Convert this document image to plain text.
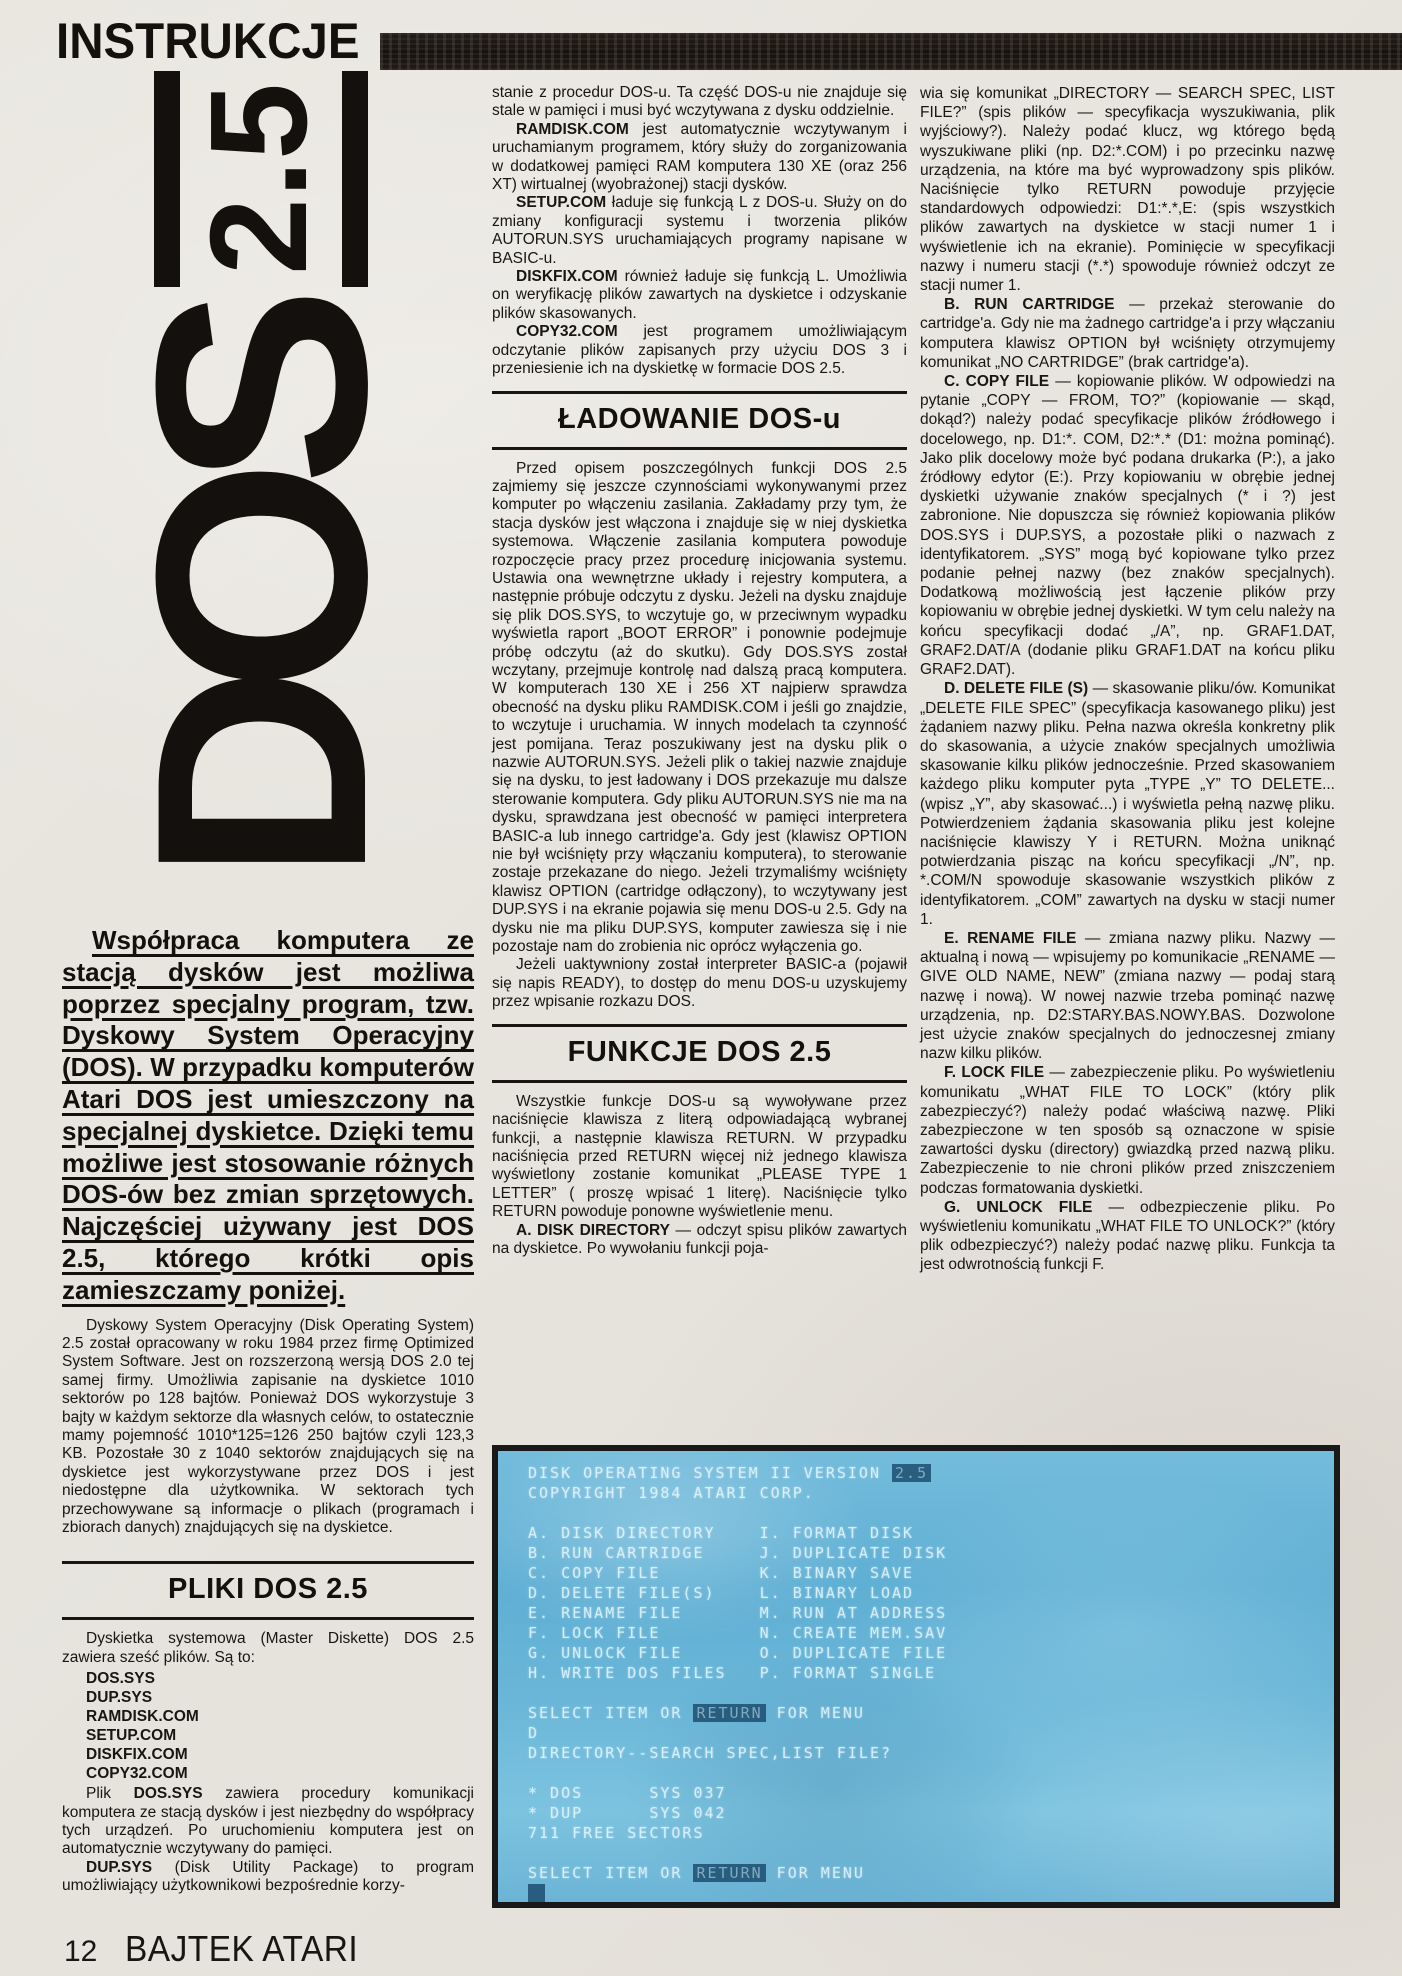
INSTRUKCJE
DOS
2.5

Współpraca komputera ze stacją dysków jest możliwa poprzez specjalny program, tzw. Dyskowy System Operacyjny (DOS). W przypadku komputerów Atari DOS jest umieszczony na specjalnej dyskietce. Dzięki temu możliwe jest stosowanie różnych DOS-ów bez zmian sprzętowych. Najczęściej używany jest DOS 2.5, którego krótki opis zamieszczamy poniżej.

Dyskowy System Operacyjny (Disk Operating System) 2.5 został opracowany w roku 1984 przez firmę Optimized System Software. Jest on rozszerzoną wersją DOS 2.0 tej samej firmy. Umożliwia zapisanie na dyskietce 1010 sektorów po 128 bajtów. Ponieważ DOS wykorzystuje 3 bajty w każdym sektorze dla własnych celów, to ostatecznie mamy pojemność 1010*125=126 250 bajtów czyli 123,3 KB. Pozostałe 30 z 1040 sektorów znajdujących się na dyskietce jest wykorzystywane przez DOS i jest niedostępne dla użytkownika. W sektorach tych przechowywane są informacje o plikach (programach i zbiorach danych) znajdujących się na dyskietce.

PLIKI DOS 2.5

Dyskietka systemowa (Master Diskette) DOS 2.5 zawiera sześć plików. Są to:

DOS.SYS
DUP.SYS
RAMDISK.COM
SETUP.COM
DISKFIX.COM
COPY32.COM

Plik DOS.SYS zawiera procedury komunikacji komputera ze stacją dysków i jest niezbędny do współpracy tych urządzeń. Po uruchomieniu komputera jest on automatycznie wczytywany do pamięci.

DUP.SYS (Disk Utility Package) to program umożliwiający użytkownikowi bezpośrednie korzy-

stanie z procedur DOS-u. Ta część DOS-u nie znajduje się stale w pamięci i musi być wczytywana z dysku oddzielnie.

RAMDISK.COM jest automatycznie wczytywanym i uruchamianym programem, który służy do zorganizowania w dodatkowej pamięci RAM komputera 130 XE (oraz 256 XT) wirtualnej (wyobrażonej) stacji dysków.

SETUP.COM ładuje się funkcją L z DOS-u. Służy on do zmiany konfiguracji systemu i tworzenia plików AUTORUN.SYS uruchamiających programy napisane w BASIC-u.

DISKFIX.COM również ładuje się funkcją L. Umożliwia on weryfikację plików zawartych na dyskietce i odzyskanie plików skasowanych.

COPY32.COM jest programem umożliwiającym odczytanie plików zapisanych przy użyciu DOS 3 i przeniesienie ich na dyskietkę w formacie DOS 2.5.

ŁADOWANIE DOS-u

Przed opisem poszczególnych funkcji DOS 2.5 zajmiemy się jeszcze czynnościami wykonywanymi przez komputer po włączeniu zasilania. Zakładamy przy tym, że stacja dysków jest włączona i znajduje się w niej dyskietka systemowa. Włączenie zasilania komputera powoduje rozpoczęcie pracy przez procedurę inicjowania systemu. Ustawia ona wewnętrzne układy i rejestry komputera, a następnie próbuje odczytu z dysku. Jeżeli na dysku znajduje się plik DOS.SYS, to wczytuje go, w przeciwnym wypadku wyświetla raport „BOOT ERROR” i ponownie podejmuje próbę odczytu (aż do skutku). Gdy DOS.SYS został wczytany, przejmuje kontrolę nad dalszą pracą komputera. W komputerach 130 XE i 256 XT najpierw sprawdza obecność na dysku pliku RAMDISK.COM i jeśli go znajdzie, to wczytuje i uruchamia. W innych modelach ta czynność jest pomijana. Teraz poszukiwany jest na dysku plik o nazwie AUTORUN.SYS. Jeżeli plik o takiej nazwie znajduje się na dysku, to jest ładowany i DOS przekazuje mu dalsze sterowanie komputera. Gdy pliku AUTORUN.SYS nie ma na dysku, sprawdzana jest obecność w pamięci interpretera BASIC-a lub innego cartridge'a. Gdy jest (klawisz OPTION nie był wciśnięty przy włączaniu komputera), to sterowanie zostaje przekazane do niego. Jeżeli trzymaliśmy wciśnięty klawisz OPTION (cartridge odłączony), to wczytywany jest DUP.SYS i na ekranie pojawia się menu DOS-u 2.5. Gdy na dysku nie ma pliku DUP.SYS, komputer zawiesza się i nie pozostaje nam do zrobienia nic oprócz wyłączenia go.

Jeżeli uaktywniony został interpreter BASIC-a (pojawił się napis READY), to dostęp do menu DOS-u uzyskujemy przez wpisanie rozkazu DOS.

FUNKCJE DOS 2.5

Wszystkie funkcje DOS-u są wywoływane przez naciśnięcie klawisza z literą odpowiadającą wybranej funkcji, a następnie klawisza RETURN. W przypadku naciśnięcia przed RETURN więcej niż jednego klawisza wyświetlony zostanie komunikat „PLEASE TYPE 1 LETTER” ( proszę wpisać 1 literę). Naciśnięcie tylko RETURN powoduje ponowne wyświetlenie menu.

A. DISK DIRECTORY — odczyt spisu plików zawartych na dyskietce. Po wywołaniu funkcji poja-

wia się komunikat „DIRECTORY — SEARCH SPEC, LIST FILE?” (spis plików — specyfikacja wyszukiwania, plik wyjściowy?). Należy podać klucz, wg którego będą wyszukiwane pliki (np. D2:*.COM) i po przecinku nazwę urządzenia, na które ma być wyprowadzony spis plików. Naciśnięcie tylko RETURN powoduje przyjęcie standardowych odpowiedzi: D1:*.*,E: (spis wszystkich plików zawartych na dyskietce w stacji numer 1 i wyświetlenie ich na ekranie). Pominięcie w specyfikacji nazwy i numeru stacji (*.*) spowoduje również odczyt ze stacji numer 1.

B. RUN CARTRIDGE — przekaż sterowanie do cartridge'a. Gdy nie ma żadnego cartridge'a i przy włączaniu komputera klawisz OPTION był wciśnięty otrzymujemy komunikat „NO CARTRIDGE” (brak cartridge'a).

C. COPY FILE — kopiowanie plików. W odpowiedzi na pytanie „COPY — FROM, TO?” (kopiowanie — skąd, dokąd?) należy podać specyfikacje plików źródłowego i docelowego, np. D1:*. COM, D2:*.* (D1: można pominąć). Jako plik docelowy może być podana drukarka (P:), a jako źródłowy edytor (E:). Przy kopiowaniu w obrębie jednej dyskietki używanie znaków specjalnych (* i ?) jest zabronione. Nie dopuszcza się również kopiowania plików DOS.SYS i DUP.SYS, a pozostałe pliki o nazwach z identyfikatorem. „SYS” mogą być kopiowane tylko przez podanie pełnej nazwy (bez znaków specjalnych). Dodatkową możliwością jest łączenie plików przy kopiowaniu w obrębie jednej dyskietki. W tym celu należy na końcu specyfikacji dodać „/A”, np. GRAF1.DAT, GRAF2.DAT/A (dodanie pliku GRAF1.DAT na końcu pliku GRAF2.DAT).

D. DELETE FILE (S) — skasowanie pliku/ów. Komunikat „DELETE FILE SPEC” (specyfikacja kasowanego pliku) jest żądaniem nazwy pliku. Pełna nazwa określa konkretny plik do skasowania, a użycie znaków specjalnych umożliwia skasowanie kilku plików jednocześnie. Przed skasowaniem każdego pliku komputer pyta „TYPE „Y” TO DELETE... (wpisz „Y”, aby skasować...) i wyświetla pełną nazwę pliku. Potwierdzeniem żądania skasowania pliku jest kolejne naciśnięcie klawiszy Y i RETURN. Można uniknąć potwierdzania pisząc na końcu specyfikacji „/N”, np. *.COM/N spowoduje skasowanie wszystkich plików z identyfikatorem. „COM” zawartych na dysku w stacji numer 1.

E. RENAME FILE — zmiana nazwy pliku. Nazwy — aktualną i nową — wpisujemy po komunikacie „RENAME — GIVE OLD NAME, NEW” (zmiana nazwy — podaj starą nazwę i nową). W nowej nazwie trzeba pominąć nazwę urządzenia, np. D2:STARY.BAS.NOWY.BAS. Dozwolone jest użycie znaków specjalnych do jednoczesnej zmiany nazw kilku plików.

F. LOCK FILE — zabezpieczenie pliku. Po wyświetleniu komunikatu „WHAT FILE TO LOCK” (który plik zabezpieczyć?) należy podać właściwą nazwę. Pliki zabezpieczone w ten sposób są oznaczone w spisie zawartości dysku (directory) gwiazdką przed nazwą pliku. Zabezpieczenie to nie chroni plików przed zniszczeniem podczas formatowania dyskietki.

G. UNLOCK FILE — odbezpieczenie pliku. Po wyświetleniu komunikatu „WHAT FILE TO UNLOCK?” (który plik odbezpieczyć?) należy podać nazwę pliku. Funkcja ta jest odwrotnością funkcji F.

DISK OPERATING SYSTEM II VERSION 2.5
COPYRIGHT 1984 ATARI CORP.

A. DISK DIRECTORY    I. FORMAT DISK
B. RUN CARTRIDGE     J. DUPLICATE DISK
C. COPY FILE         K. BINARY SAVE
D. DELETE FILE(S)    L. BINARY LOAD
E. RENAME FILE       M. RUN AT ADDRESS
F. LOCK FILE         N. CREATE MEM.SAV
G. UNLOCK FILE       O. DUPLICATE FILE
H. WRITE DOS FILES   P. FORMAT SINGLE

SELECT ITEM OR RETURN FOR MENU
D
DIRECTORY--SEARCH SPEC,LIST FILE?

* DOS      SYS 037
* DUP      SYS 042
711 FREE SECTORS

SELECT ITEM OR RETURN FOR MENU

12 BAJTEK ATARI
